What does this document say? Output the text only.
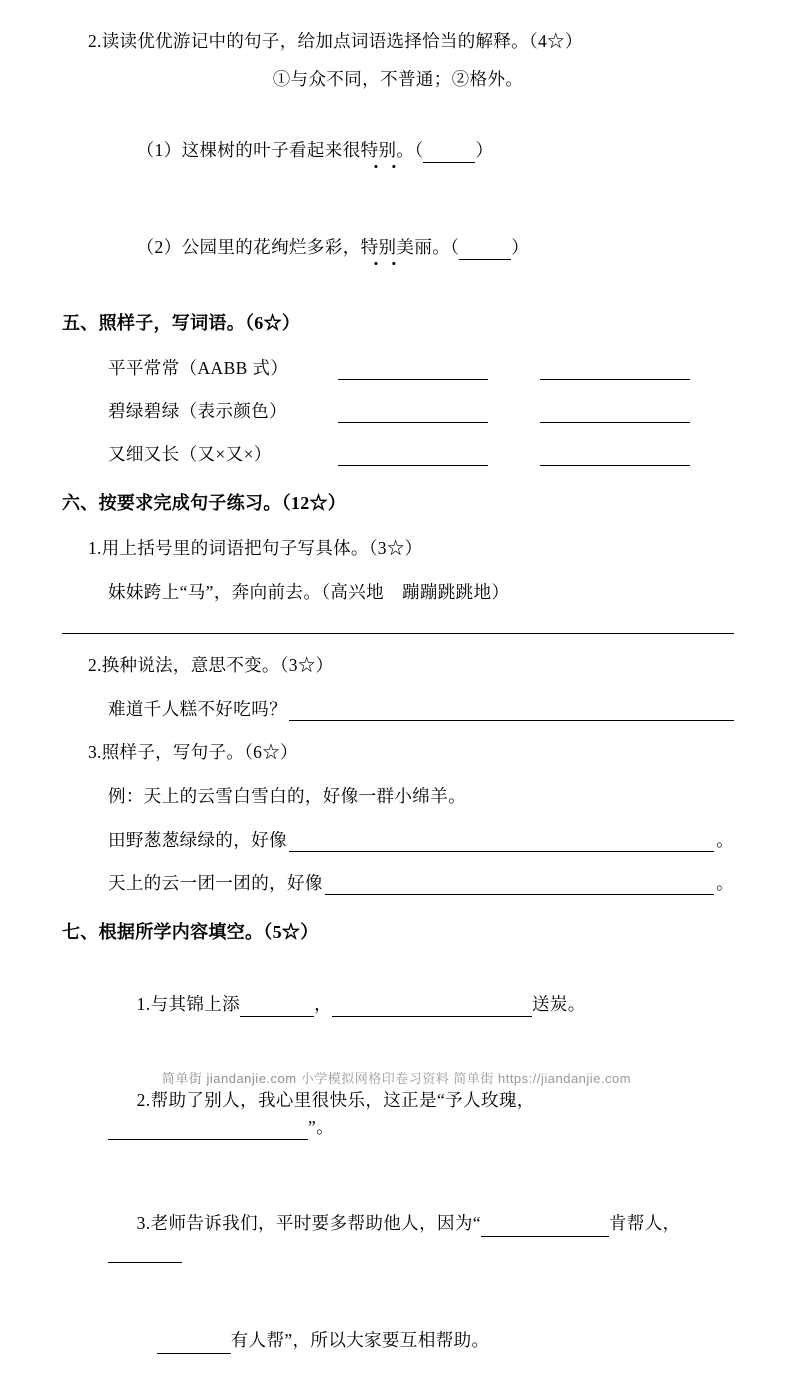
2.读读优优游记中的句子，给加点词语选择恰当的解释。（4☆）
①与众不同，不普通；②格外。

（1）这棵树的叶子看起来很特别。（	）

（2）公园里的花绚烂多彩，特别美丽。（	）

五、照样子，写词语。（6☆）
平平常常（AABB 式）
碧绿碧绿（表示颜色）
又细又长（又×又×）
六、按要求完成句子练习。（12☆）
1.用上括号里的词语把句子写具体。（3☆）
妹妹跨上“马”，奔向前去。（高兴地　蹦蹦跳跳地）
2.换种说法，意思不变。（3☆）
难道千人糕不好吃吗？
3.照样子，写句子。（6☆）
例：天上的云雪白雪白的，好像一群小绵羊。
田野葱葱绿绿的，好像	。
天上的云一团一团的，好像	。
七、根据所学内容填空。（5☆）

1.与其锦上添	，	送炭。

2.帮助了别人，我心里很快乐，这正是“予人玫瑰，”。

3.老师告诉我们，平时要多帮助他人，因为“	肯帮人，

有人帮”，所以大家要互相帮助。

简单街 jiandanjie.com 小学模拟网格印卷习资料 简单街 https://jiandanjie.com
